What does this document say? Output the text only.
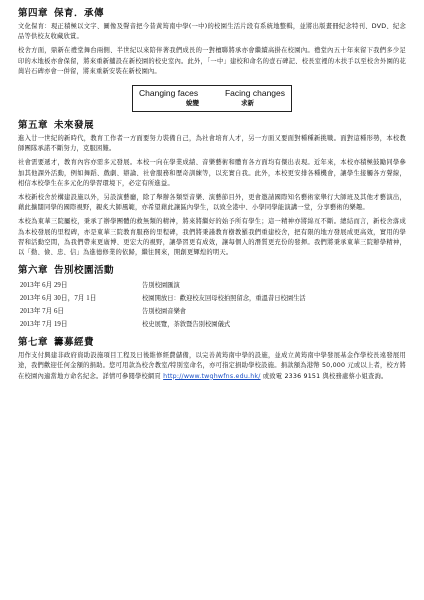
第四章 保育．承傳

文化保育：現正積極以文字、圖像及聲音把今昔黃筠南中學(一中)的校園生活片段有系統地整輯，並將出版畫冊紀念特刊、DVD、紀念品等供校友收藏欣賞。

校舍方面，鼎新在禮堂舞台兩側、半世紀以來陪伴著我們成長的一對檀聯將承亦會繼續高掛在校園內。禮堂內五十年來留下我們多少足印的木地板亦會保留，將來重新舖設在新校園的校史室內。此外，「一中」建校和命名的壹石碑記、校長室裡的木扶手以至校舍外園的花崗岩石碑亦會一併留，將來重新安裝在新校園內。

Changing faces	Facing changes
蛻變	求新
第五章 未來發展

進入廿一世紀的新時代，教育工作者一方面要努力裝備自己，為社會培育人才，另一方面又要面對種種新挑戰。面對這種形勢，本校教師團隊承諾不斷努力，克服困難。

社會需要遞才，教育內容亦需多元發展。本校一向在學業成績、音樂藝術和體育各方面均有傑出表現。近年來，本校亦積極鼓勵同學參加其他課外活動，例如舞蹈、戲劇、辯論、社會服務和歷奇訓練等，以充實自我。此外，本校更安排各種機會，讓學生接觸各方聲線，相信本校學生在多元化的學習環境下，必定有所進益。

本校新校舍於構建設施以外，另設演藝廳，除了舉辦各類型音樂、演藝節目外，更會邀請國際知名藝術家舉行大師班及其他才藝演出，藉此擴闊同學的國際視野，親炙大師風範，亦希望藉此讓區內學生，以致全港中、小學同學能演講一堂，分享藝術的樂趣。

本校為東華三院屬校，秉承了辦學團體的救無類的精神，將來將繼好的始予所有學生；這一精神亦將綿亙不斷。總結而言，新校舍落成為本校發展的里程碑，亦是東華三院教育服務的里程碑，我們將秉謹教育樹教羅我們重建校舍，把有限的地方發展成更高效，實用的學習和活動空間，為我們帶來更廣博、更宏大的視野，讓學習更有成效，讓每個人的潛質更充份的發揮。我們將秉承東華三院辦學精神，以「勤、儉、忠、信」為進德修業的依歸，繼往開來，開創更輝煌的明天。

第六章 告別校園活動
2013年 6月 29日	告別校園匯演
2013年 6月 30日，7月 1日	校園開放日：歡迎校友回母校拍照留念，重溫昔日校園生活
2013年 7月 6日	告別校園音樂會
2013年 7月 19日	校史展覽，茶敘暨告別校園儀式
第七章 籌募經費

用作支付興建非政府資助設施項目工程及日後維修經費儲備，以完善黃筠南中學的設施，並成立黃筠南中學發展基金作學校長遠發展用途，我們歡迎任何金額的捐助。您可用款為校舍教室/特別室命名，亦可指定捐助學校設施。捐款額為港幣 50,000 元或以上者，校方將在校園內適當地方命名紀念。詳情可參閱學校網頁 http://www.twghwfns.edu.hk/ 或致電 2336 9151 與校務處蔡小姐查詢。
